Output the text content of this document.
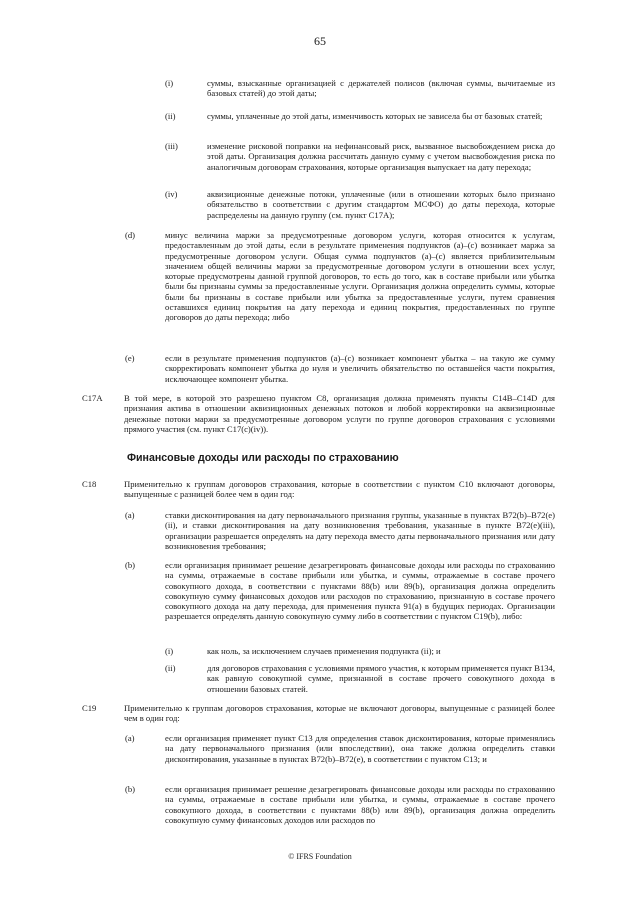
65
(i)	суммы, взысканные организацией с держателей полисов (включая суммы, вычитаемые из базовых статей) до этой даты;
(ii)	суммы, уплаченные до этой даты, изменчивость которых не зависела бы от базовых статей;
(iii)	изменение рисковой поправки на нефинансовый риск, вызванное высвобождением риска до этой даты. Организация должна рассчитать данную сумму с учетом высвобождения риска по аналогичным договорам страхования, которые организация выпускает на дату перехода;
(iv)	аквизиционные денежные потоки, уплаченные (или в отношении которых было признано обязательство в соответствии с другим стандартом МСФО) до даты перехода, которые распределены на данную группу (см. пункт C17A);
(d)	минус величина маржи за предусмотренные договором услуги, которая относится к услугам, предоставленным до этой даты, если в результате применения подпунктов (a)–(c) возникает маржа за предусмотренные договором услуги. Общая сумма подпунктов (a)–(c) является приблизительным значением общей величины маржи за предусмотренные договором услуги в отношении всех услуг, которые предусмотрены данной группой договоров, то есть до того, как в составе прибыли или убытка были бы признаны суммы за предоставленные услуги. Организация должна определить суммы, которые были бы признаны в составе прибыли или убытка за предоставленные услуги, путем сравнения оставшихся единиц покрытия на дату перехода и единиц покрытия, предоставленных по группе договоров до даты перехода; либо
(e)	если в результате применения подпунктов (a)–(c) возникает компонент убытка – на такую же сумму скорректировать компонент убытка до нуля и увеличить обязательство по оставшейся части покрытия, исключающее компонент убытка.
C17A В той мере, в которой это разрешено пунктом C8, организация должна применять пункты C14B–C14D для признания актива в отношении аквизиционных денежных потоков и любой корректировки на аквизиционные денежные потоки маржи за предусмотренные договором услуги по группе договоров страхования с условиями прямого участия (см. пункт C17(c)(iv)).
Финансовые доходы или расходы по страхованию
C18	Применительно к группам договоров страхования, которые в соответствии с пунктом C10 включают договоры, выпущенные с разницей более чем в один год:
(a)	ставки дисконтирования на дату первоначального признания группы, указанные в пунктах B72(b)–B72(e)(ii), и ставки дисконтирования на дату возникновения требования, указанные в пункте B72(e)(iii), организации разрешается определять на дату перехода вместо даты первоначального признания или дату возникновения требования;
(b)	если организация принимает решение дезагрегировать финансовые доходы или расходы по страхованию на суммы, отражаемые в составе прибыли или убытка, и суммы, отражаемые в составе прочего совокупного дохода, в соответствии с пунктами 88(b) или 89(b), организация должна определить совокупную сумму финансовых доходов или расходов по страхованию, признанную в составе прочего совокупного дохода на дату перехода, для применения пункта 91(a) в будущих периодах. Организации разрешается определять данную совокупную сумму либо в соответствии с пунктом C19(b), либо:
(i)	как ноль, за исключением случаев применения подпункта (ii); и
(ii)	для договоров страхования с условиями прямого участия, к которым применяется пункт B134, как равную совокупной сумме, признанной в составе прочего совокупного дохода в отношении базовых статей.
C19	Применительно к группам договоров страхования, которые не включают договоры, выпущенные с разницей более чем в один год:
(a)	если организация применяет пункт C13 для определения ставок дисконтирования, которые применялись на дату первоначального признания (или впоследствии), она также должна определить ставки дисконтирования, указанные в пунктах B72(b)–B72(e), в соответствии с пунктом C13; и
(b)	если организация принимает решение дезагрегировать финансовые доходы или расходы по страхованию на суммы, отражаемые в составе прибыли или убытка, и суммы, отражаемые в составе прочего совокупного дохода, в соответствии с пунктами 88(b) или 89(b), организация должна определить совокупную сумму финансовых доходов или расходов по
© IFRS Foundation
